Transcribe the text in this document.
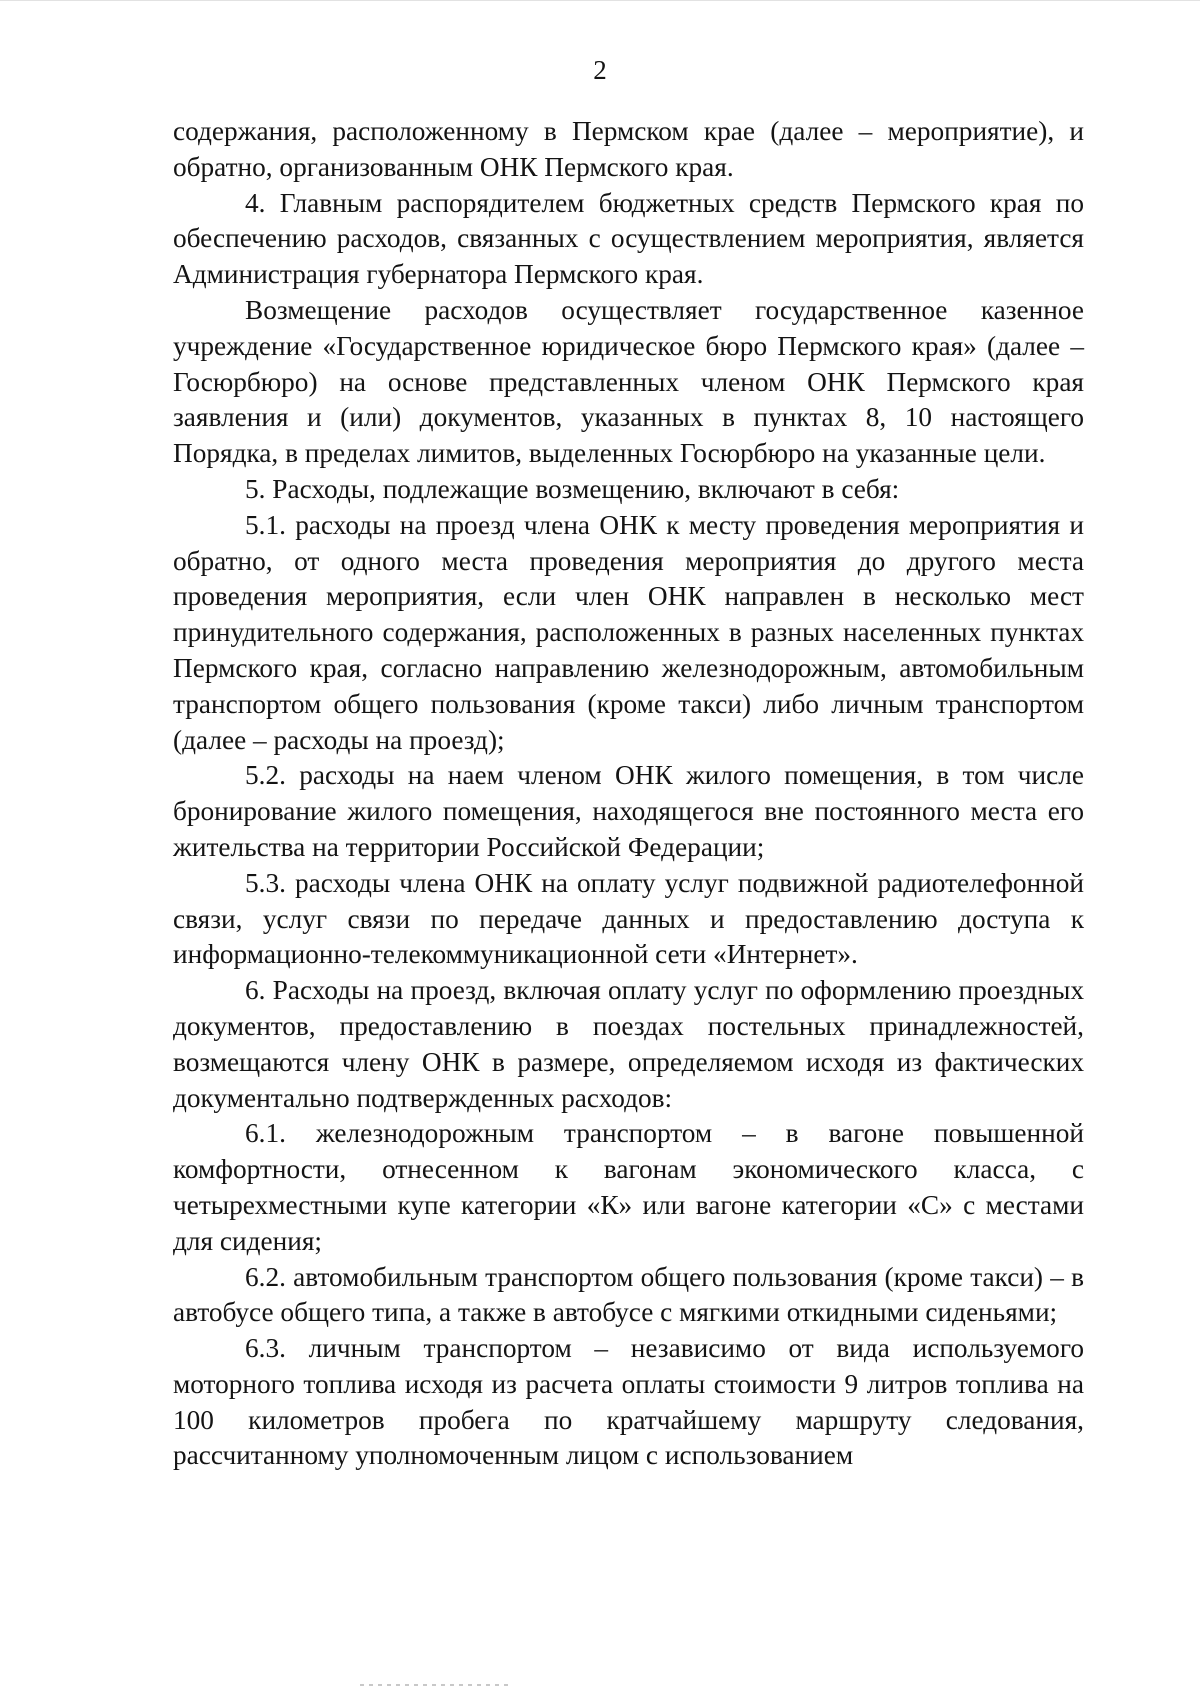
2

содержания, расположенному в Пермском крае (далее – мероприятие), и обратно, организованным ОНК Пермского края.

4. Главным распорядителем бюджетных средств Пермского края по обеспечению расходов, связанных с осуществлением мероприятия, является Администрация губернатора Пермского края.

Возмещение расходов осуществляет государственное казенное учреждение «Государственное юридическое бюро Пермского края» (далее – Госюрбюро) на основе представленных членом ОНК Пермского края заявления и (или) документов, указанных в пунктах 8, 10 настоящего Порядка, в пределах лимитов, выделенных Госюрбюро на указанные цели.

5. Расходы, подлежащие возмещению, включают в себя:

5.1. расходы на проезд члена ОНК к месту проведения мероприятия и обратно, от одного места проведения мероприятия до другого места проведения мероприятия, если член ОНК направлен в несколько мест принудительного содержания, расположенных в разных населенных пунктах Пермского края, согласно направлению железнодорожным, автомобильным транспортом общего пользования (кроме такси) либо личным транспортом (далее – расходы на проезд);

5.2. расходы на наем членом ОНК жилого помещения, в том числе бронирование жилого помещения, находящегося вне постоянного места его жительства на территории Российской Федерации;

5.3. расходы члена ОНК на оплату услуг подвижной радиотелефонной связи, услуг связи по передаче данных и предоставлению доступа к информационно-телекоммуникационной сети «Интернет».

6. Расходы на проезд, включая оплату услуг по оформлению проездных документов, предоставлению в поездах постельных принадлежностей, возмещаются члену ОНК в размере, определяемом исходя из фактических документально подтвержденных расходов:

6.1. железнодорожным транспортом – в вагоне повышенной комфортности, отнесенном к вагонам экономического класса, с четырехместными купе категории «К» или вагоне категории «С» с местами для сидения;

6.2. автомобильным транспортом общего пользования (кроме такси) – в автобусе общего типа, а также в автобусе с мягкими откидными сиденьями;

6.3. личным транспортом – независимо от вида используемого моторного топлива исходя из расчета оплаты стоимости 9 литров топлива на 100 километров пробега по кратчайшему маршруту следования, рассчитанному уполномоченным лицом с использованием
